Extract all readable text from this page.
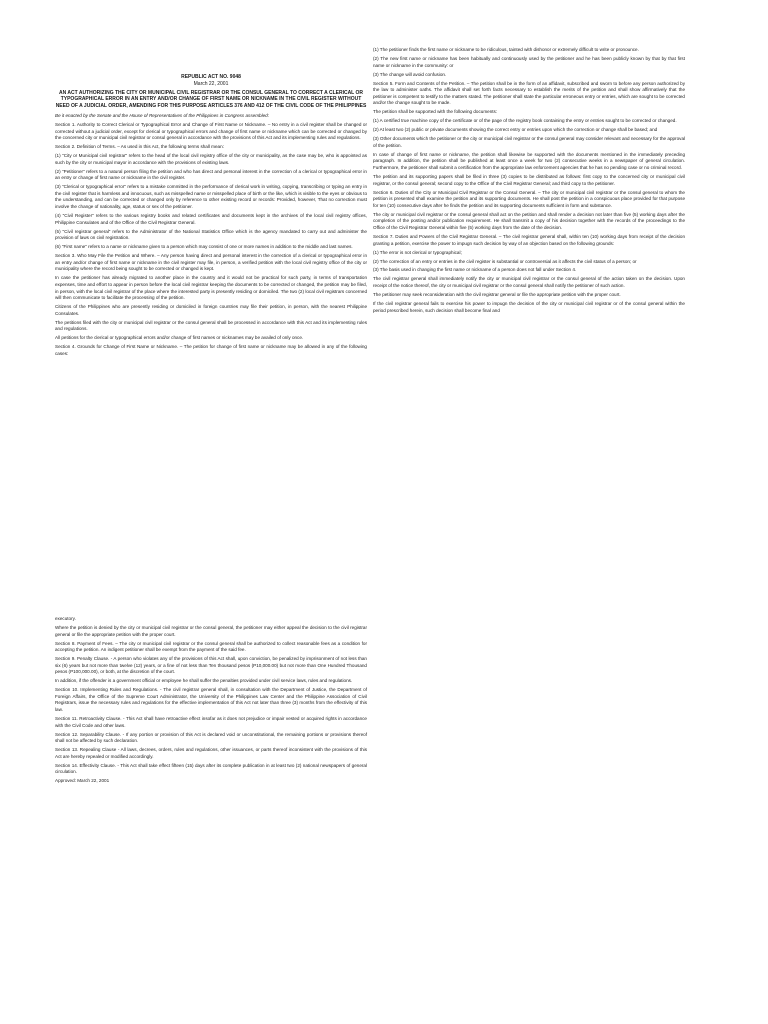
REPUBLIC ACT NO. 9048

March 22, 2001

AN ACT AUTHORIZING THE CITY OR MUNICIPAL CIVIL REGISTRAR OR THE CONSUL GENERAL TO CORRECT A CLERICAL OR TYPOGRAPHICAL ERROR IN AN ENTRY AND/OR CHANGE OF FIRST NAME OR NICKNAME IN THE CIVIL REGISTER WITHOUT NEED OF A JUDICIAL ORDER, AMENDING FOR THIS PURPOSE ARTICLES 376 AND 412 OF THE CIVIL CODE OF THE PHILIPPINES

Be it enacted by the Senate and the House of Representatives of the Philippines in Congress assembled:

Section 1. Authority to Correct Clerical or Typographical Error and Change of First Name or Nickname. – No entry in a civil register shall be changed or corrected without a judicial order, except for clerical or typographical errors and change of first name or nickname which can be corrected or changed by the concerned city or municipal civil registrar or consul general in accordance with the provisions of this Act and its implementing rules and regulations.

Section 2. Definition of Terms. – As used in this Act, the following terms shall mean:

(1) "City or Municipal civil registrar" refers to the head of the local civil registry office of the city or municipality, as the case may be, who is appointed as such by the city or municipal mayor in accordance with the provisions of existing laws.

(2) "Petitioner" refers to a natural person filing the petition and who has direct and personal interest in the correction of a clerical or typographical error in an entry or change of first name or nickname in the civil register.

(3) "Clerical or typographical error" refers to a mistake committed in the performance of clerical work in writing, copying, transcribing or typing an entry in the civil register that is harmless and innocuous, such as misspelled name or misspelled place of birth or the like, which is visible to the eyes or obvious to the understanding, and can be corrected or changed only by reference to other existing record or records: Provided, however, That no correction must involve the change of nationality, age, status or sex of the petitioner.

(4) "Civil Register" refers to the various registry books and related certificates and documents kept in the archives of the local civil registry offices, Philippine Consulates and of the Office of the Civil Registrar General.

(5) "Civil registrar general" refers to the Administrator of the National Statistics Office which is the agency mandated to carry out and administer the provision of laws on civil registration.

(6) "First name" refers to a name or nickname given to a person which may consist of one or more names in addition to the middle and last names.

Section 3. Who May File the Petition and Where. – Any person having direct and personal interest in the correction of a clerical or typographical error in an entry and/or change of first name or nickname in the civil register may file, in person, a verified petition with the local civil registry office of the city or municipality where the record being sought to be corrected or changed is kept.

In case the petitioner has already migrated to another place in the country and it would not be practical for such party, in terms of transportation expenses, time and effort to appear in person before the local civil registrar keeping the documents to be corrected or changed, the petition may be filed, in person, with the local civil registrar of the place where the interested party is presently residing or domiciled. The two (2) local civil registrars concerned will then communicate to facilitate the processing of the petition.

Citizens of the Philippines who are presently residing or domiciled in foreign countries may file their petition, in person, with the nearest Philippine Consulates.

The petitions filed with the city or municipal civil registrar or the consul general shall be processed in accordance with this Act and its implementing rules and regulations.

All petitions for the clerical or typographical errors and/or change of first names or nicknames may be availed of only once.

Section 4. Grounds for Change of First Name or Nickname. – The petition for change of first name or nickname may be allowed in any of the following cases:

(1) The petitioner finds the first name or nickname to be ridiculous, tainted with dishonor or extremely difficult to write or pronounce.

(2) The new first name or nickname has been habitually and continuously used by the petitioner and he has been publicly known by that by that first name or nickname in the community: or

(3) The change will avoid confusion.

Section 5. Form and Contents of the Petition. – The petition shall be in the form of an affidavit, subscribed and sworn to before any person authorized by the law to administer oaths. The affidavit shall set forth facts necessary to establish the merits of the petition and shall show affirmatively that the petitioner is competent to testify to the matters stated. The petitioner shall state the particular erroneous entry or entries, which are sought to be corrected and/or the change sought to be made.

The petition shall be supported with the following documents:

(1) A certified true machine copy of the certificate or of the page of the registry book containing the entry or entries sought to be corrected or changed.

(2) At least two (2) public or private documents showing the correct entry or entries upon which the correction or change shall be based; and

(3) Other documents which the petitioner or the city or municipal civil registrar or the consul general may consider relevant and necessary for the approval of the petition.

In case of change of first name or nickname, the petition shall likewise be supported with the documents mentioned in the immediately preceding paragraph. In addition, the petition shall be published at least once a week for two (2) consecutive weeks in a newspaper of general circulation. Furthermore, the petitioner shall submit a certification from the appropriate law enforcement agencies that he has no pending case or no criminal record.

The petition and its supporting papers shall be filed in three (3) copies to be distributed as follows: first copy to the concerned city or municipal civil registrar, or the consul general; second copy to the Office of the Civil Registrar General; and third copy to the petitioner.

Section 6. Duties of the City or Municipal Civil Registrar or the Consul General. – The city or municipal civil registrar or the consul general to whom the petition is presented shall examine the petition and its supporting documents. He shall post the petition in a conspicuous place provided for that purpose for ten (10) consecutive days after he finds the petition and its supporting documents sufficient in form and substance.

The city or municipal civil registrar or the consul general shall act on the petition and shall render a decision not later than five (5) working days after the completion of the posting and/or publication requirement. He shall transmit a copy of his decision together with the records of the proceedings to the Office of the Civil Registrar General within five (5) working days from the date of the decision.

Section 7. Duties and Powers of the Civil Registrar General. – The civil registrar general shall, within ten (10) working days from receipt of the decision granting a petition, exercise the power to impugn such decision by way of an objection based on the following grounds:

(1) The error is not clerical or typographical;

(2) The correction of an entry or entries in the civil register is substantial or controversial as it affects the civil status of a person; or

(3) The basis used in changing the first name or nickname of a person does not fall under Section 4.

The civil registrar general shall immediately notify the city or municipal civil registrar or the consul general of the action taken on the decision. Upon receipt of the notice thereof, the city or municipal civil registrar or the consul general shall notify the petitioner of such action.

The petitioner may seek reconsideration with the civil registrar general or file the appropriate petition with the proper court.

If the civil registrar general fails to exercise his power to impugn the decision of the city or municipal civil registrar or of the consul general within the period prescribed herein, such decision shall become final and

executory.

Where the petition is denied by the city or municipal civil registrar or the consul general, the petitioner may either appeal the decision to the civil registrar general or file the appropriate petition with the proper court.

Section 8. Payment of Fees. – The city or municipal civil registrar or the consul general shall be authorized to collect reasonable fees as a condition for accepting the petition. An indigent petitioner shall be exempt from the payment of the said fee.

Section 9. Penalty Clause. - A person who violates any of the provisions of this Act shall, upon conviction, be penalized by imprisonment of not less than six (6) years but not more than twelve (12) years, or a fine of not less than Ten thousand pesos (P10,000.00) but not more than One Hundred Thousand pesos (P100,000.00), or both, at the discretion of the court.

In addition, if the offender is a government official or employee he shall suffer the penalties provided under civil service laws, rules and regulations.

Section 10. Implementing Rules and Regulations. - The civil registrar general shall, in consultation with the Department of Justice, the Department of Foreign Affairs, the Office of the Supreme Court Administrator, the University of the Philippines Law Center and the Philippine Association of Civil Registrars, issue the necessary rules and regulations for the effective implementation of this Act not later than three (3) months from the effectivity of this law.

Section 11. Retroactivity Clause. - This Act shall have retroactive effect insofar as it does not prejudice or impair vested or acquired rights in accordance with the Civil Code and other laws.

Section 12. Separability Clause. - If any portion or provision of this Act is declared void or unconstitutional, the remaining portions or provisions thereof shall not be affected by such declaration.

Section 13. Repealing Clause - All laws, decrees, orders, rules and regulations, other issuances, or parts thereof inconsistent with the provisions of this Act are hereby repealed or modified accordingly.

Section 14. Effectivity Clause. - This Act shall take effect fifteen (15) days after its complete publication in at least two (2) national newspapers of general circulation.

Approved: March 22, 2001
